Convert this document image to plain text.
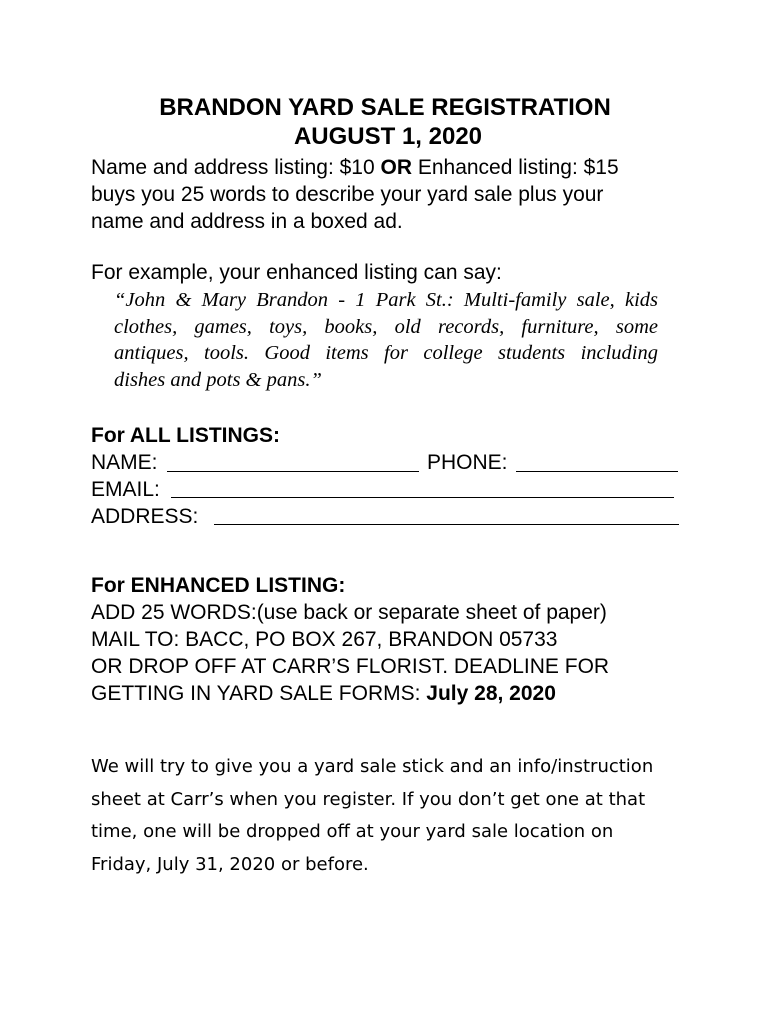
BRANDON YARD SALE REGISTRATION
AUGUST 1, 2020
Name and address listing: $10 OR Enhanced listing: $15
buys you 25 words to describe your yard sale plus your
name and address in a boxed ad.
For example, your enhanced listing can say:
“John & Mary Brandon - 1 Park St.: Multi-family sale, kids
clothes, games, toys, books, old records, furniture, some
antiques, tools. Good items for college students including
dishes and pots & pans.”
For ALL LISTINGS:
NAME:	PHONE:
EMAIL:
ADDRESS:
For ENHANCED LISTING:
ADD 25 WORDS:(use back or separate sheet of paper)
MAIL TO: BACC, PO BOX 267, BRANDON 05733
OR DROP OFF AT CARR’S FLORIST. DEADLINE FOR
GETTING IN YARD SALE FORMS: July 28, 2020
We will try to give you a yard sale stick and an info/instruction
sheet at Carr’s when you register. If you don’t get one at that
time, one will be dropped off at your yard sale location on
Friday, July 31, 2020 or before.
